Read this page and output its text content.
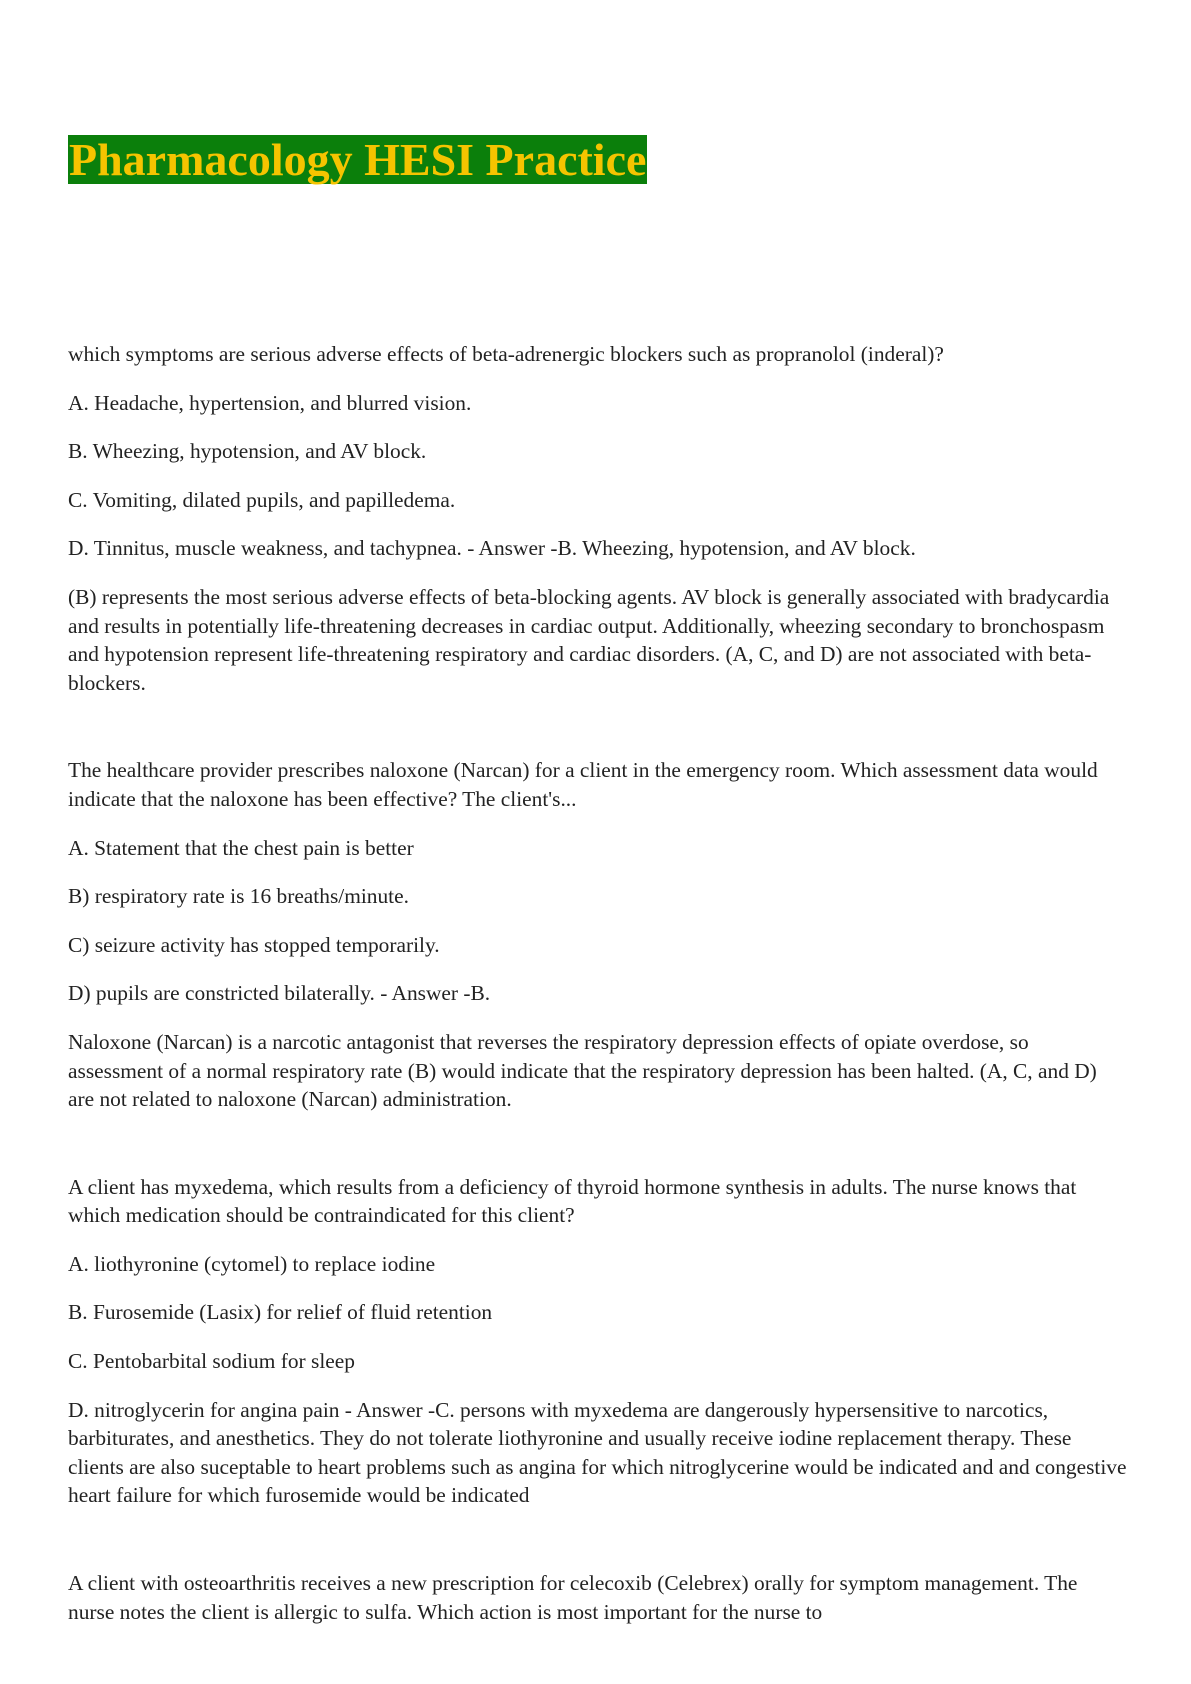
Pharmacology HESI Practice

which symptoms are serious adverse effects of beta-adrenergic blockers such as propranolol (inderal)?

A. Headache, hypertension, and blurred vision.

B. Wheezing, hypotension, and AV block.

C. Vomiting, dilated pupils, and papilledema.

D. Tinnitus, muscle weakness, and tachypnea. - Answer -B. Wheezing, hypotension, and AV block.

(B) represents the most serious adverse effects of beta-blocking agents. AV block is generally associated with bradycardia and results in potentially life-threatening decreases in cardiac output. Additionally, wheezing secondary to bronchospasm and hypotension represent life-threatening respiratory and cardiac disorders. (A, C, and D) are not associated with beta-blockers.

The healthcare provider prescribes naloxone (Narcan) for a client in the emergency room. Which assessment data would indicate that the naloxone has been effective? The client's...

A. Statement that the chest pain is better

B) respiratory rate is 16 breaths/minute.

C) seizure activity has stopped temporarily.

D) pupils are constricted bilaterally. - Answer -B.

Naloxone (Narcan) is a narcotic antagonist that reverses the respiratory depression effects of opiate overdose, so assessment of a normal respiratory rate (B) would indicate that the respiratory depression has been halted. (A, C, and D) are not related to naloxone (Narcan) administration.

A client has myxedema, which results from a deficiency of thyroid hormone synthesis in adults. The nurse knows that which medication should be contraindicated for this client?

A. liothyronine (cytomel) to replace iodine

B. Furosemide (Lasix) for relief of fluid retention

C. Pentobarbital sodium for sleep

D. nitroglycerin for angina pain - Answer -C. persons with myxedema are dangerously hypersensitive to narcotics, barbiturates, and anesthetics. They do not tolerate liothyronine and usually receive iodine replacement therapy. These clients are also suceptable to heart problems such as angina for which nitroglycerine would be indicated and and congestive heart failure for which furosemide would be indicated

A client with osteoarthritis receives a new prescription for celecoxib (Celebrex) orally for symptom management. The nurse notes the client is allergic to sulfa. Which action is most important for the nurse to
